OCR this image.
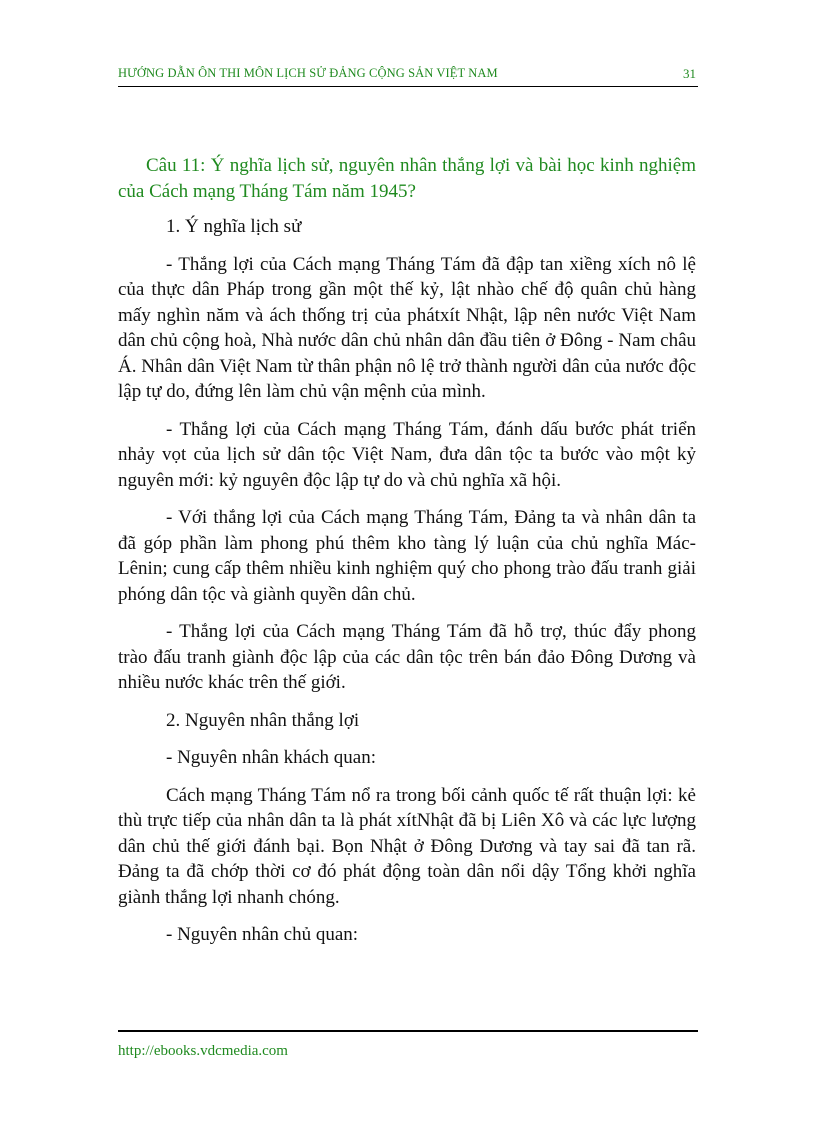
HƯỚNG DẪN ÔN THI MÔN LỊCH SỬ ĐẢNG CỘNG SẢN VIỆT NAM	31

Câu 11: Ý nghĩa lịch sử, nguyên nhân thắng lợi và bài học kinh nghiệm của Cách mạng Tháng Tám năm 1945?

1. Ý nghĩa lịch sử

- Thắng lợi của Cách mạng Tháng Tám đã đập tan xiềng xích nô lệ của thực dân Pháp trong gần một thế kỷ, lật nhào chế độ quân chủ hàng mấy nghìn năm và ách thống trị của phátxít Nhật, lập nên nước Việt Nam dân chủ cộng hoà, Nhà nước dân chủ nhân dân đầu tiên ở Đông - Nam châu Á. Nhân dân Việt Nam từ thân phận nô lệ trở thành người dân của nước độc lập tự do, đứng lên làm chủ vận mệnh của mình.

- Thắng lợi của Cách mạng Tháng Tám, đánh dấu bước phát triển nhảy vọt của lịch sử dân tộc Việt Nam, đưa dân tộc ta bước vào một kỷ nguyên mới: kỷ nguyên độc lập tự do và chủ nghĩa xã hội.

- Với thắng lợi của Cách mạng Tháng Tám, Đảng ta và nhân dân ta đã góp phần làm phong phú thêm kho tàng lý luận của chủ nghĩa Mác-Lênin; cung cấp thêm nhiều kinh nghiệm quý cho phong trào đấu tranh giải phóng dân tộc và giành quyền dân chủ.

- Thắng lợi của Cách mạng Tháng Tám đã hỗ trợ, thúc đẩy phong trào đấu tranh giành độc lập của các dân tộc trên bán đảo Đông Dương và nhiều nước khác trên thế giới.

2. Nguyên nhân thắng lợi

- Nguyên nhân khách quan:

Cách mạng Tháng Tám nổ ra trong bối cảnh quốc tế rất thuận lợi: kẻ thù trực tiếp của nhân dân ta là phát xítNhật đã bị Liên Xô và các lực lượng dân chủ thế giới đánh bại. Bọn Nhật ở Đông Dương và tay sai đã tan rã. Đảng ta đã chớp thời cơ đó phát động toàn dân nổi dậy Tổng khởi nghĩa giành thắng lợi nhanh chóng.

- Nguyên nhân chủ quan:

http://ebooks.vdcmedia.com
